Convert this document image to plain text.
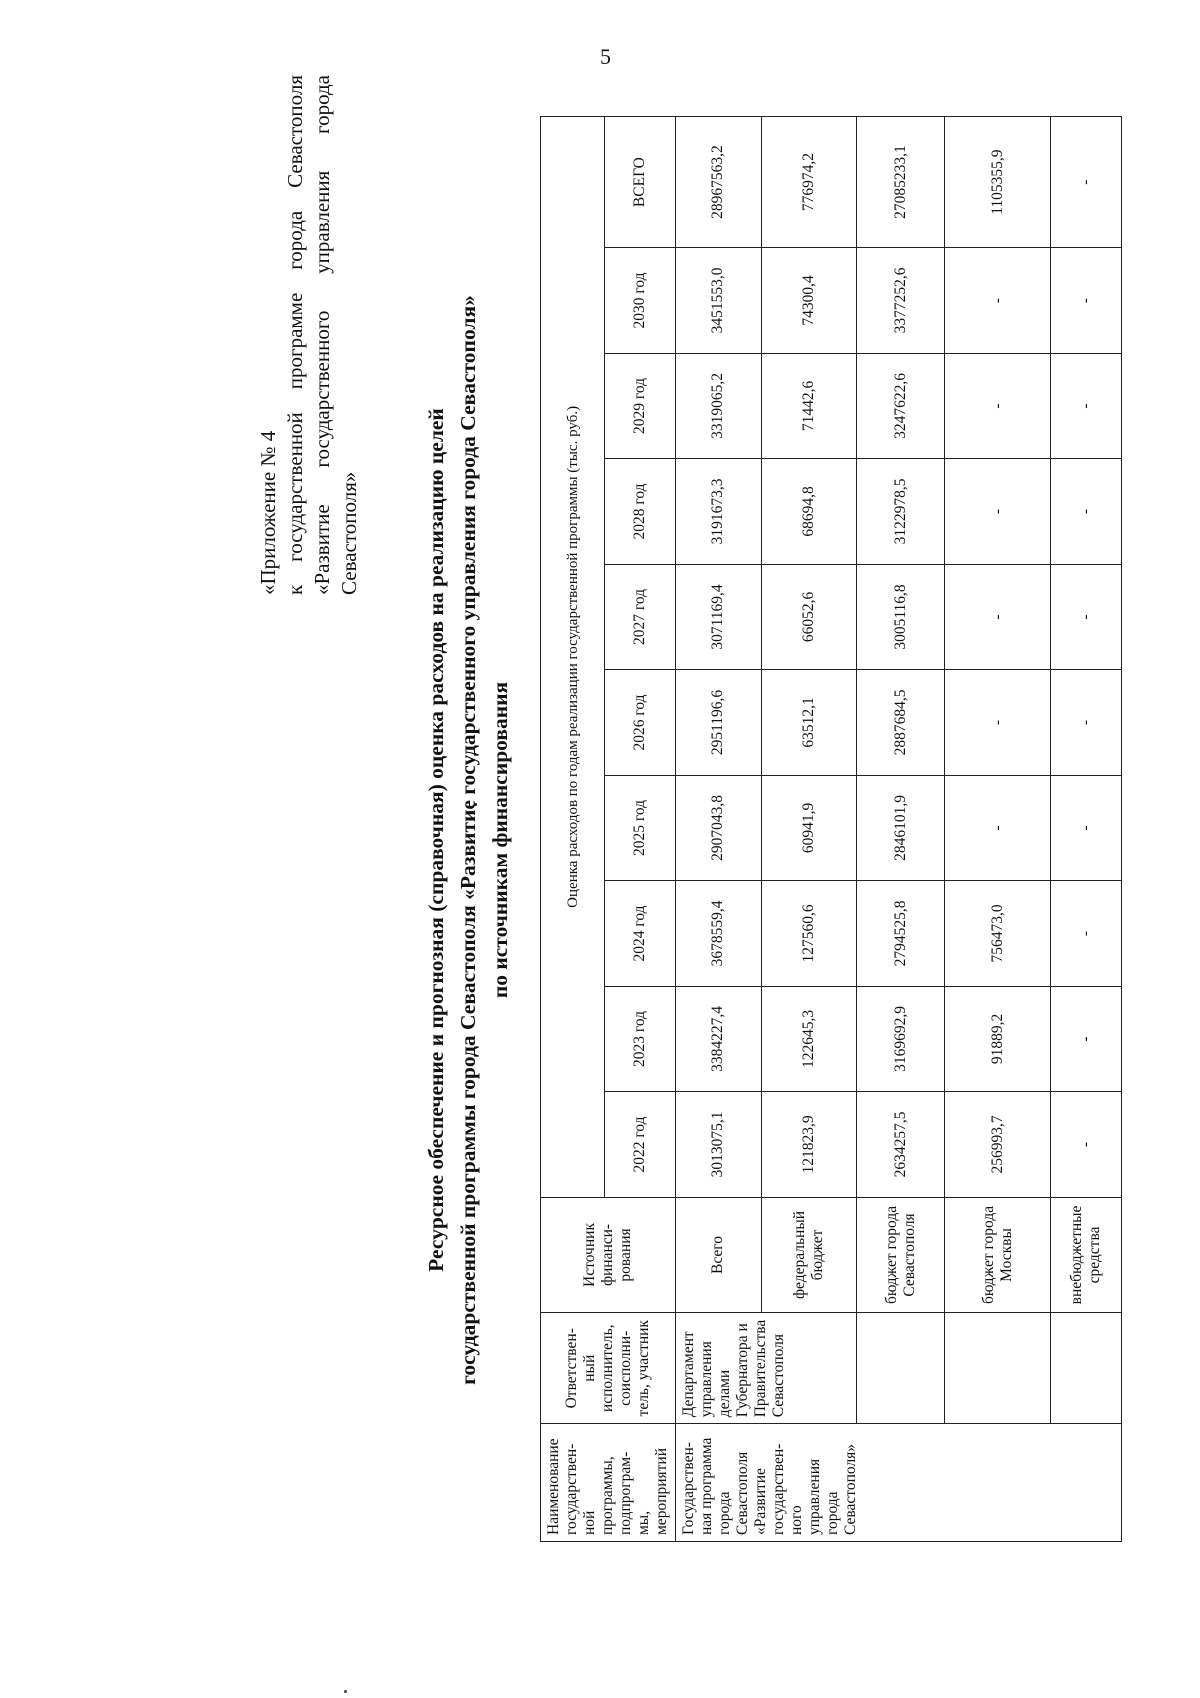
5
«Приложение № 4 к государственной программе города Севастополя «Развитие государственного управления города Севастополя»	Ресурсное обеспечение и прогнозная (справочная) оценка расходов на реализацию целей государственной программы города Севастополя «Развитие государственного управления города Севастополя» по источникам финансирования
Наименование государствен-ной программы, подпрограм-мы, мероприятий	Ответствен-ный исполнитель, соисполни-тель, участник	Источник финанси-рования	Оценка расходов по годам реализации государственной программы (тыс. руб.)									
			2022 год	2023 год	2024 год	2025 год	2026 год	2027 год	2028 год	2029 год	2030 год	ВСЕГО
Государствен-ная программа города Севастополя «Развитие государствен-ного управления города Севастополя»	Департамент управления делами Губернатора и Правительства Севастополя	Всего	3013075,1	3384227,4	3678559,4	2907043,8	2951196,6	3071169,4	3191673,3	3319065,2	3451553,0	28967563,2
		федеральный бюджет	121823,9	122645,3	127560,6	60941,9	63512,1	66052,6	68694,8	71442,6	74300,4	776974,2
		бюджет города Севастополя	2634257,5	3169692,9	2794525,8	2846101,9	2887684,5	3005116,8	3122978,5	3247622,6	3377252,6	27085233,1
		бюджет города Москвы	256993,7	91889,2	756473,0	-	-	-	-	-	-	1105355,9
		внебюджетные средства	-	-	-	-	-	-	-	-	-	-
